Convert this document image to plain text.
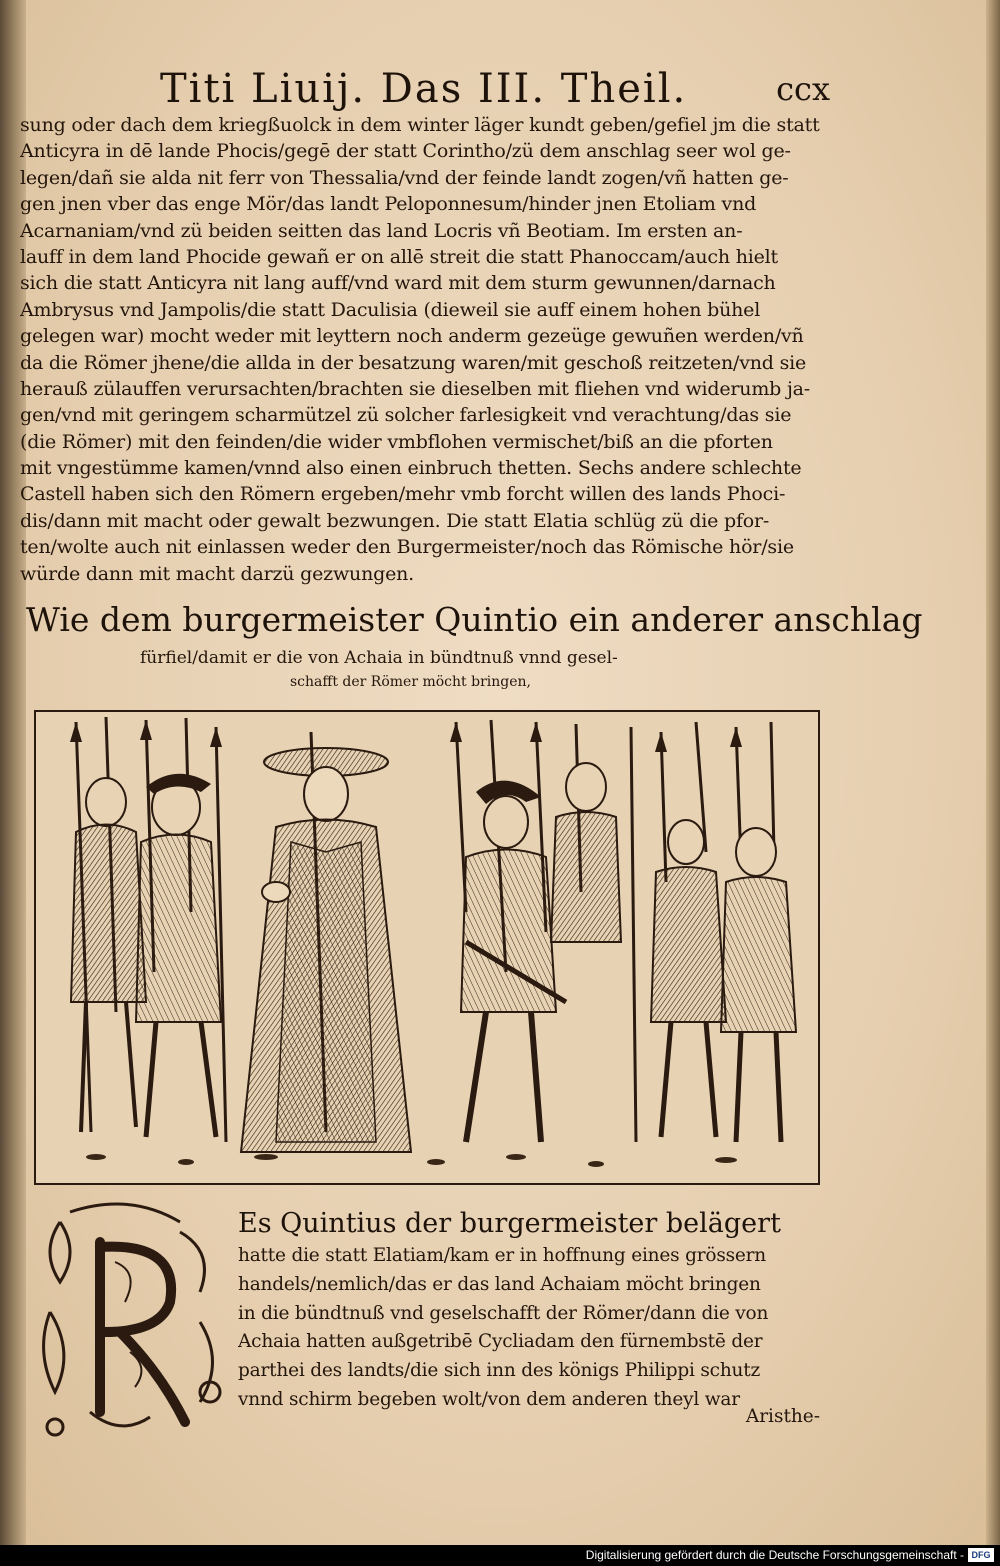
Titi Liuij. Das III. Theil.	ccx
sung oder dach dem kriegßuolck in dem winter läger kundt geben/gefiel jm die statt
Anticyra in dē lande Phocis/gegē der statt Corintho/zü dem anschlag seer wol ge-
legen/dañ sie alda nit ferr von Thessalia/vnd der feinde landt zogen/vñ hatten ge-
gen jnen vber das enge Mör/das landt Peloponnesum/hinder jnen Etoliam vnd
Acarnaniam/vnd zü beiden seitten das land Locris vñ Beotiam. Im ersten an-
lauff in dem land Phocide gewañ er on allē streit die statt Phanoccam/auch hielt
sich die statt Anticyra nit lang auff/vnd ward mit dem sturm gewunnen/darnach
Ambrysus vnd Jampolis/die statt Daculisia (dieweil sie auff einem hohen bühel
gelegen war) mocht weder mit leyttern noch anderm gezeüge gewuñen werden/vñ
da die Römer jhene/die allda in der besatzung waren/mit geschoß reitzeten/vnd sie
herauß zülauffen verursachten/brachten sie dieselben mit fliehen vnd widerumb ja-
gen/vnd mit geringem scharmützel zü solcher farlesigkeit vnd verachtung/das sie
(die Römer) mit den feinden/die wider vmbflohen vermischet/biß an die pforten
mit vngestümme kamen/vnnd also einen einbruch thetten. Sechs andere schlechte
Castell haben sich den Römern ergeben/mehr vmb forcht willen des lands Phoci-
dis/dann mit macht oder gewalt bezwungen. Die statt Elatia schlüg zü die pfor-
ten/wolte auch nit einlassen weder den Burgermeister/noch das Römische hör/sie
würde dann mit macht darzü gezwungen.
Wie dem burgermeister Quintio ein anderer anschlag
fürfiel/damit er die von Achaia in bündtnuß vnnd gesel-
schafft der Römer möcht bringen,
Es Quintius der burgermeister belägert
hatte die statt Elatiam/kam er in hoffnung eines grössern
handels/nemlich/das er das land Achaiam möcht bringen
in die bündtnuß vnd geselschafft der Römer/dann die von
Achaia hatten außgetribē Cycliadam den fürnembstē der
parthei des landts/die sich inn des königs Philippi schutz
vnnd schirm begeben wolt/von dem anderen theyl war
Aristhe-
Digitalisierung gefördert durch die Deutsche Forschungsgemeinschaft - DFG
